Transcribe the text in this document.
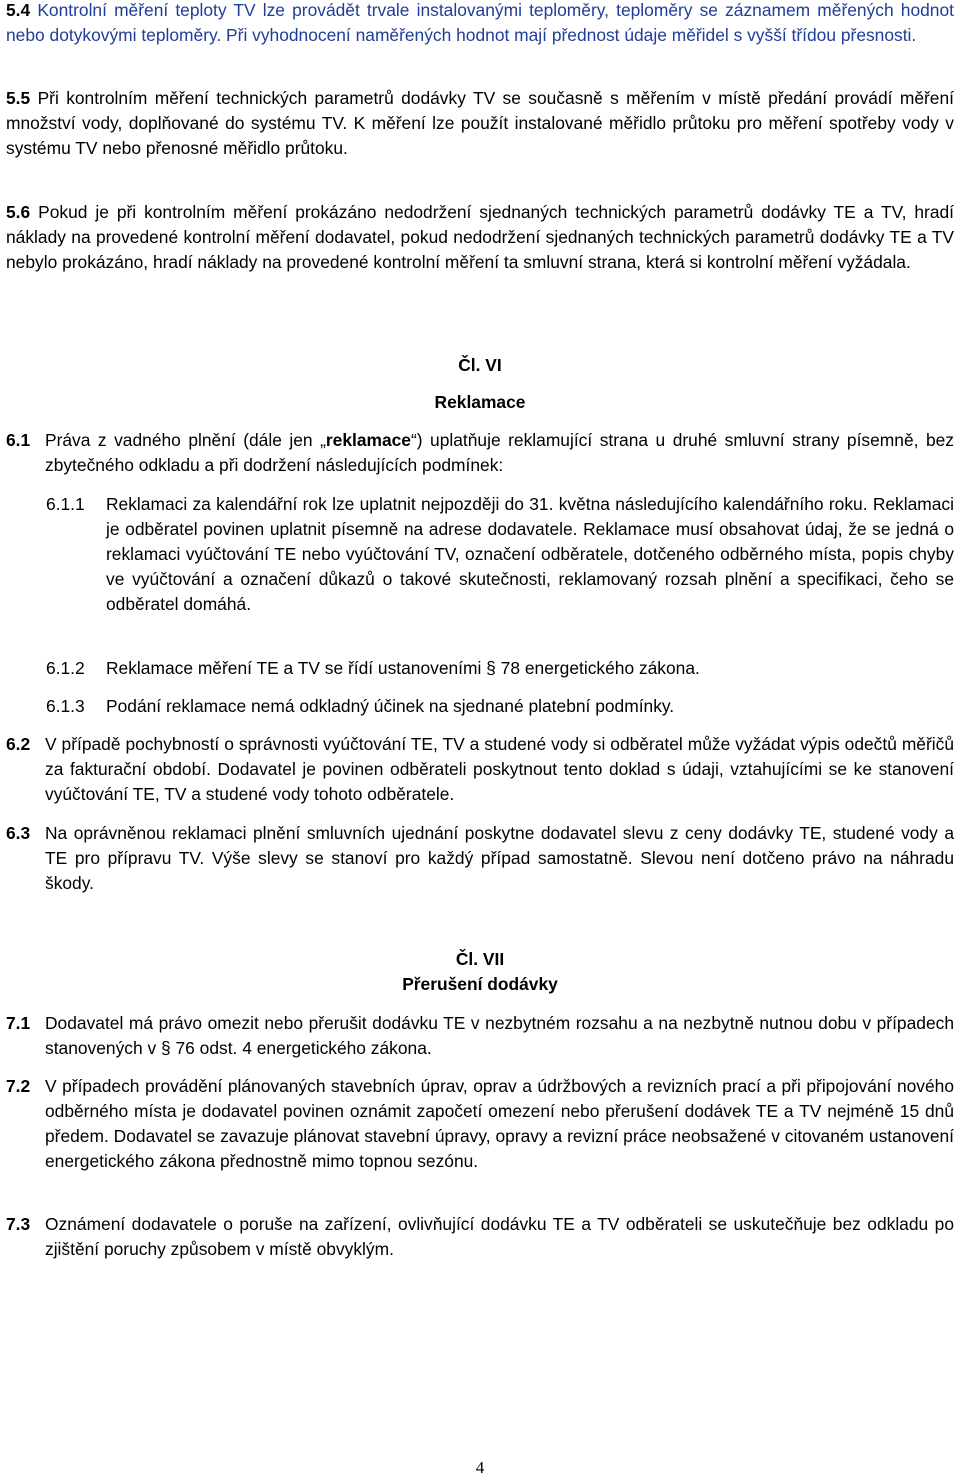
5.4 Kontrolní měření teploty TV lze provádět trvale instalovanými teploměry, teploměry se záznamem měřených hodnot nebo dotykovými teploměry. Při vyhodnocení naměřených hodnot mají přednost údaje měřidel s vyšší třídou přesnosti.

5.5 Při kontrolním měření technických parametrů dodávky TV se současně s měřením v místě předání provádí měření množství vody, doplňované do systému TV. K měření lze použít instalované měřidlo průtoku pro měření spotřeby vody v systému TV nebo přenosné měřidlo průtoku.

5.6 Pokud je při kontrolním měření prokázáno nedodržení sjednaných technických parametrů dodávky TE a TV, hradí náklady na provedené kontrolní měření dodavatel, pokud nedodržení sjednaných technických parametrů dodávky TE a TV nebylo prokázáno, hradí náklady na provedené kontrolní měření ta smluvní strana, která si kontrolní měření vyžádala.

Čl. VI

Reklamace

6.1 Práva z vadného plnění (dále jen „reklamace“) uplatňuje reklamující strana u druhé smluvní strany písemně, bez zbytečného odkladu a při dodržení následujících podmínek:
6.1.1	Reklamaci za kalendářní rok lze uplatnit nejpozději do 31. května následujícího kalendářního roku. Reklamaci je odběratel povinen uplatnit písemně na adrese dodavatele. Reklamace musí obsahovat údaj, že se jedná o reklamaci vyúčtování TE nebo vyúčtování TV, označení odběratele, dotčeného odběrného místa, popis chyby ve vyúčtování a označení důkazů o takové skutečnosti, reklamovaný rozsah plnění a specifikaci, čeho se odběratel domáhá.
6.1.2	Reklamace měření TE a TV se řídí ustanoveními § 78 energetického zákona.
6.1.3	Podání reklamace nemá odkladný účinek na sjednané platební podmínky.
6.2 V případě pochybností o správnosti vyúčtování TE, TV a studené vody si odběratel může vyžádat výpis odečtů měřičů za fakturační období. Dodavatel je povinen odběrateli poskytnout tento doklad s údaji, vztahujícími se ke stanovení vyúčtování TE, TV a studené vody tohoto odběratele.
6.3 Na oprávněnou reklamaci plnění smluvních ujednání poskytne dodavatel slevu z ceny dodávky TE, studené vody a TE pro přípravu TV. Výše slevy se stanoví pro každý případ samostatně. Slevou není dotčeno právo na náhradu škody.

Čl. VII

Přerušení dodávky

7.1 Dodavatel má právo omezit nebo přerušit dodávku TE v nezbytném rozsahu a na nezbytně nutnou dobu v případech stanovených v § 76 odst. 4 energetického zákona.
7.2 V případech provádění plánovaných stavebních úprav, oprav a údržbových a revizních prací a při připojování nového odběrného místa je dodavatel povinen oznámit započetí omezení nebo přerušení dodávek TE a TV nejméně 15 dnů předem. Dodavatel se zavazuje plánovat stavební úpravy, opravy a revizní práce neobsažené v citovaném ustanovení energetického zákona přednostně mimo topnou sezónu.
7.3 Oznámení dodavatele o poruše na zařízení, ovlivňující dodávku TE a TV odběrateli se uskutečňuje bez odkladu po zjištění poruchy způsobem v místě obvyklým.
4
